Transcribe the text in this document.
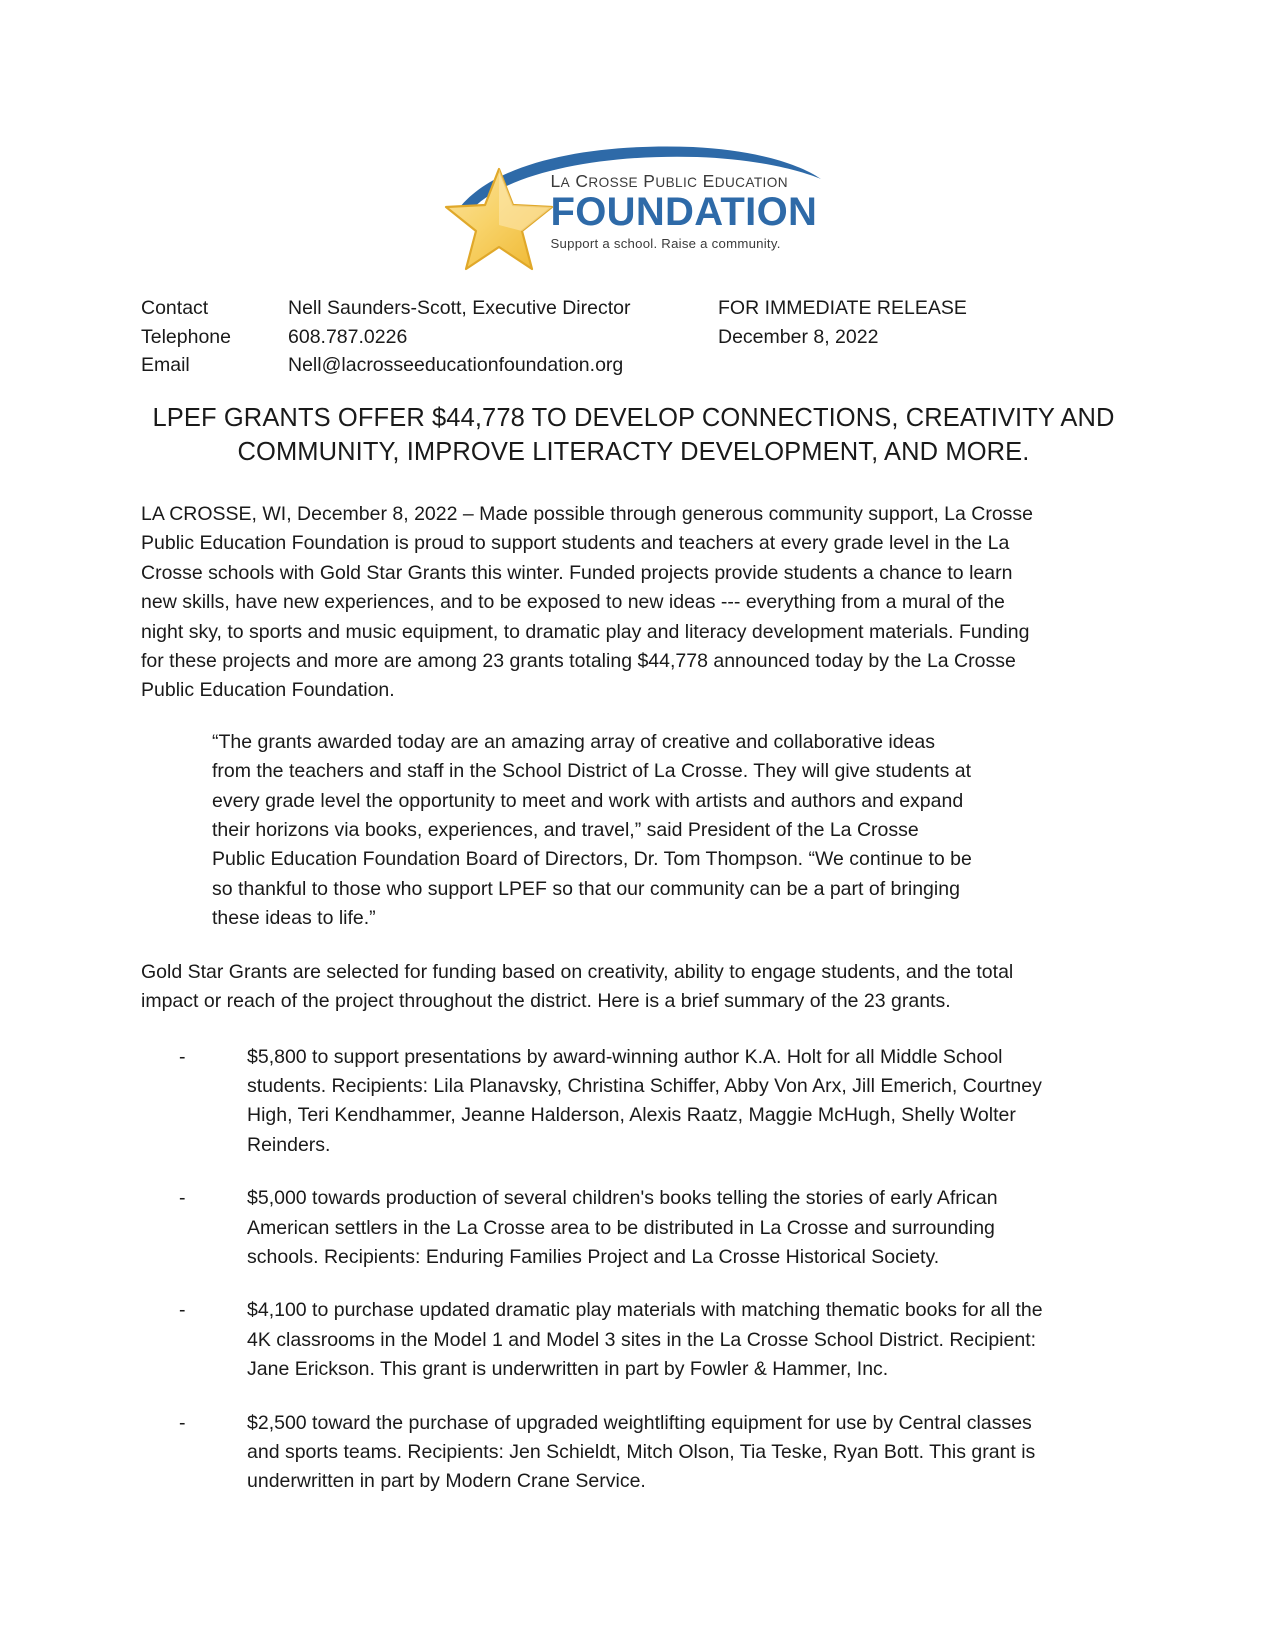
LA CROSSE PUBLIC EDUCATION
FOUNDATION
Support a school. Raise a community.
Contact	Nell Saunders-Scott, Executive Director	FOR IMMEDIATE RELEASE
Telephone	608.787.0226	December 8, 2022
Email	Nell@lacrosseeducationfoundation.org
LPEF GRANTS OFFER $44,778 TO DEVELOP CONNECTIONS, CREATIVITY AND COMMUNITY, IMPROVE LITERACTY DEVELOPMENT, AND MORE.

LA CROSSE, WI, December 8, 2022 – Made possible through generous community support, La Crosse Public Education Foundation is proud to support students and teachers at every grade level in the La Crosse schools with Gold Star Grants this winter. Funded projects provide students a chance to learn new skills, have new experiences, and to be exposed to new ideas --- everything from a mural of the night sky, to sports and music equipment, to dramatic play and literacy development materials. Funding for these projects and more are among 23 grants totaling $44,778 announced today by the La Crosse Public Education Foundation.

“The grants awarded today are an amazing array of creative and collaborative ideas from the teachers and staff in the School District of La Crosse. They will give students at every grade level the opportunity to meet and work with artists and authors and expand their horizons via books, experiences, and travel,” said President of the La Crosse Public Education Foundation Board of Directors, Dr. Tom Thompson. “We continue to be so thankful to those who support LPEF so that our community can be a part of bringing these ideas to life.”

Gold Star Grants are selected for funding based on creativity, ability to engage students, and the total impact or reach of the project throughout the district. Here is a brief summary of the 23 grants.

-	$5,800 to support presentations by award-winning author K.A. Holt for all Middle School students. Recipients: Lila Planavsky, Christina Schiffer, Abby Von Arx, Jill Emerich, Courtney High, Teri Kendhammer, Jeanne Halderson, Alexis Raatz, Maggie McHugh, Shelly Wolter Reinders.
-	$5,000 towards production of several children's books telling the stories of early African American settlers in the La Crosse area to be distributed in La Crosse and surrounding schools. Recipients: Enduring Families Project and La Crosse Historical Society.
-	$4,100 to purchase updated dramatic play materials with matching thematic books for all the 4K classrooms in the Model 1 and Model 3 sites in the La Crosse School District. Recipient: Jane Erickson. This grant is underwritten in part by Fowler & Hammer, Inc.
-	$2,500 toward the purchase of upgraded weightlifting equipment for use by Central classes and sports teams. Recipients: Jen Schieldt, Mitch Olson, Tia Teske, Ryan Bott. This grant is underwritten in part by Modern Crane Service.
